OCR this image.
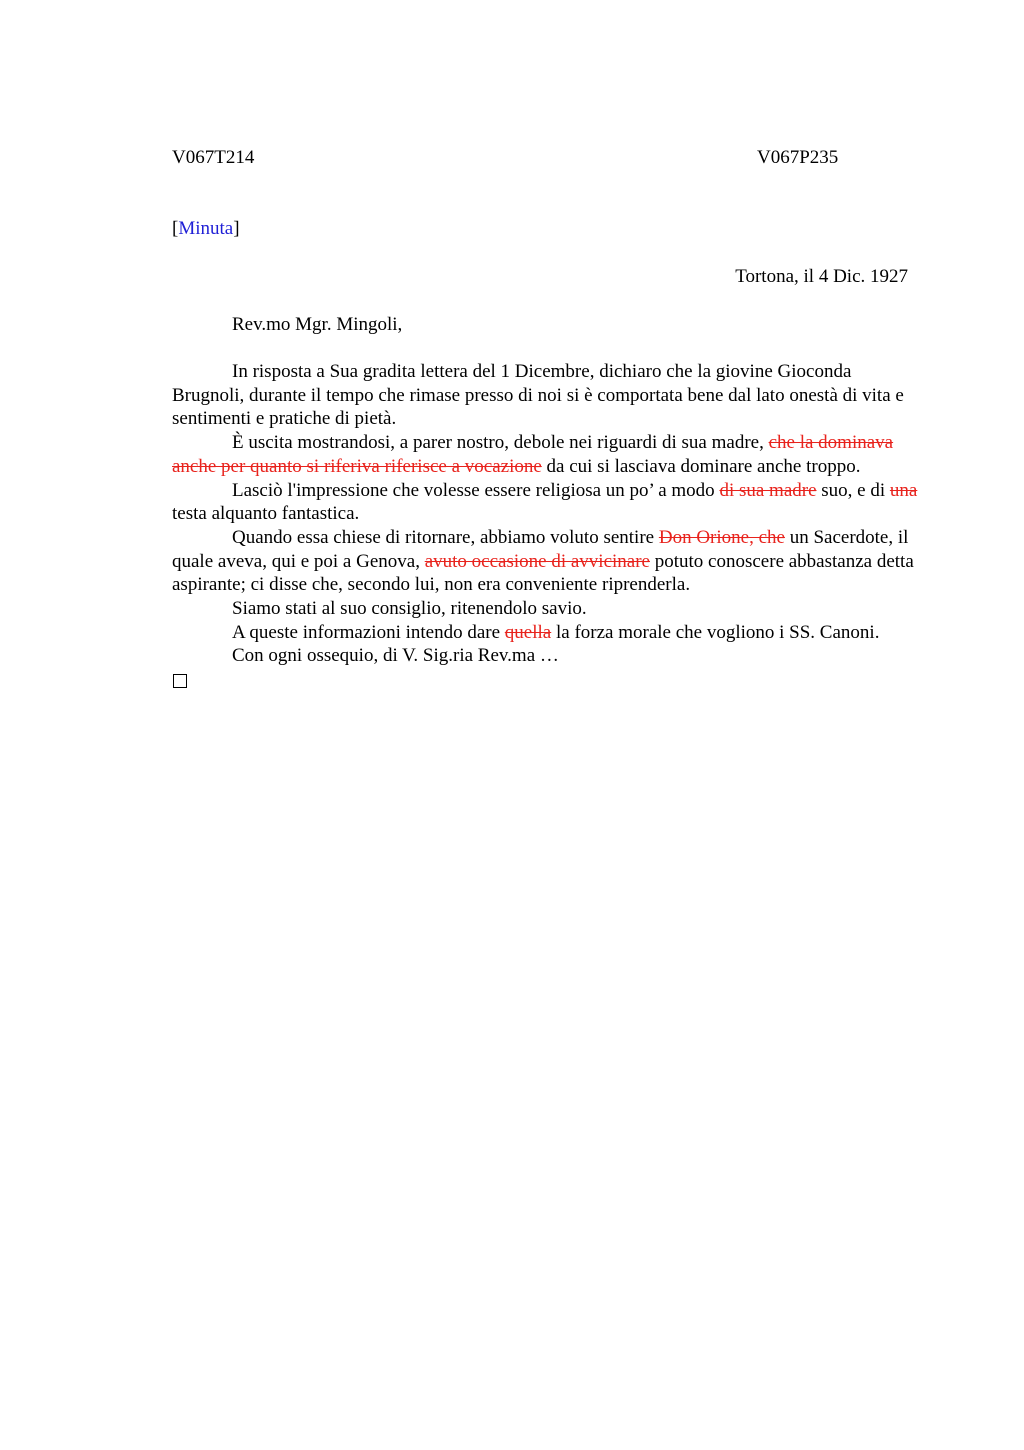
V067T214	V067P235
[Minuta]
Tortona, il 4 Dic. 1927
Rev.mo Mgr. Mingoli,

In risposta a Sua gradita lettera del 1 Dicembre, dichiaro che la giovine Gioconda Brugnoli, durante il tempo che rimase presso di noi si è comportata bene dal lato onestà di vita e sentimenti e pratiche di pietà.

È uscita mostrandosi, a parer nostro, debole nei riguardi di sua madre, che la dominava anche per quanto si riferiva riferisce a vocazione da cui si lasciava dominare anche troppo.

Lasciò l'impressione che volesse essere religiosa un po’ a modo di sua madre suo, e di una testa alquanto fantastica.

Quando essa chiese di ritornare, abbiamo voluto sentire Don Orione, che un Sacerdote, il quale aveva, qui e poi a Genova, avuto occasione di avvicinare potuto conoscere abbastanza detta aspirante; ci disse che, secondo lui, non era conveniente riprenderla.

Siamo stati al suo consiglio, ritenendolo savio.

A queste informazioni intendo dare quella la forza morale che vogliono i SS. Canoni.

Con ogni ossequio, di V. Sig.ria Rev.ma …
